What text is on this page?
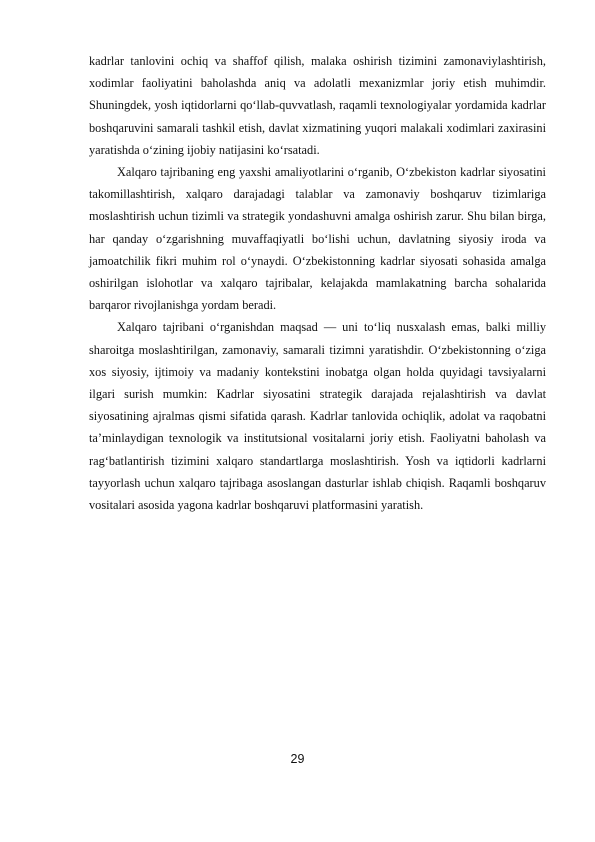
kadrlar tanlovini ochiq va shaffof qilish, malaka oshirish tizimini zamonaviylashtirish, xodimlar faoliyatini baholashda aniq va adolatli mexanizmlar joriy etish muhimdir. Shuningdek, yosh iqtidorlarni qo‘llab-quvvatlash, raqamli texnologiyalar yordamida kadrlar boshqaruvini samarali tashkil etish, davlat xizmatining yuqori malakali xodimlari zaxirasini yaratishda o‘zining ijobiy natijasini ko‘rsatadi.

Xalqaro tajribaning eng yaxshi amaliyotlarini o‘rganib, O‘zbekiston kadrlar siyosatini takomillashtirish, xalqaro darajadagi talablar va zamonaviy boshqaruv tizimlariga moslashtirish uchun tizimli va strategik yondashuvni amalga oshirish zarur. Shu bilan birga, har qanday o‘zgarishning muvaffaqiyatli bo‘lishi uchun, davlatning siyosiy iroda va jamoatchilik fikri muhim rol o‘ynaydi. O‘zbekistonning kadrlar siyosati sohasida amalga oshirilgan islohotlar va xalqaro tajribalar, kelajakda mamlakatning barcha sohalarida barqaror rivojlanishga yordam beradi.

Xalqaro tajribani o‘rganishdan maqsad — uni to‘liq nusxalash emas, balki milliy sharoitga moslashtirilgan, zamonaviy, samarali tizimni yaratishdir. O‘zbekistonning o‘ziga xos siyosiy, ijtimoiy va madaniy kontekstini inobatga olgan holda quyidagi tavsiyalarni ilgari surish mumkin: Kadrlar siyosatini strategik darajada rejalashtirish va davlat siyosatining ajralmas qismi sifatida qarash. Kadrlar tanlovida ochiqlik, adolat va raqobatni ta’minlaydigan texnologik va institutsional vositalarni joriy etish. Faoliyatni baholash va rag‘batlantirish tizimini xalqaro standartlarga moslashtirish. Yosh va iqtidorli kadrlarni tayyorlash uchun xalqaro tajribaga asoslangan dasturlar ishlab chiqish. Raqamli boshqaruv vositalari asosida yagona kadrlar boshqaruvi platformasini yaratish.

29
